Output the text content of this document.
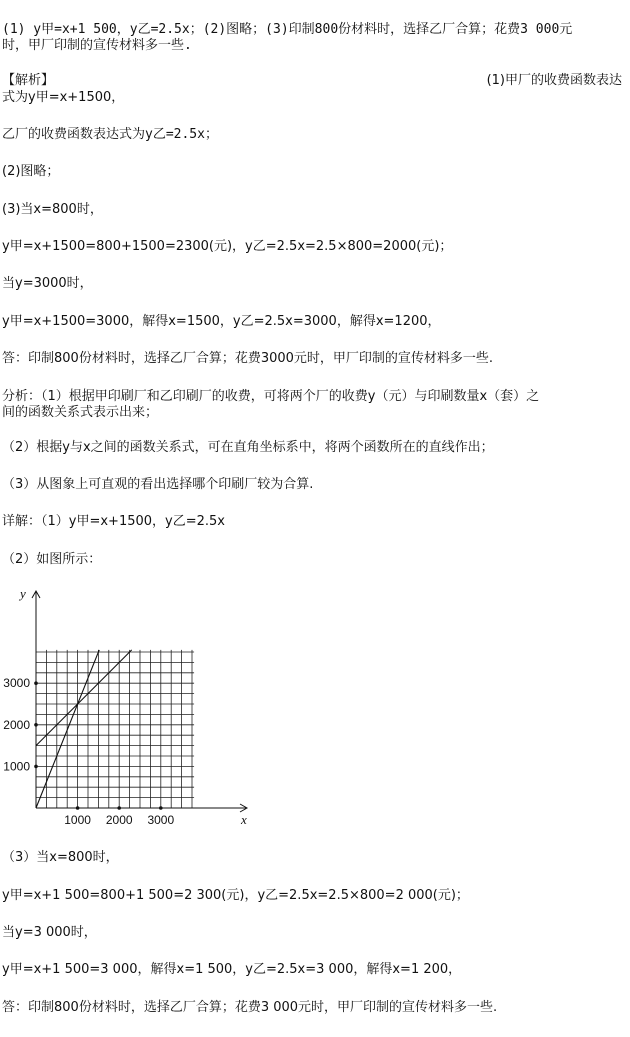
(1) y甲=x+1 500，y乙=2.5x；(2)图略；(3)印制800份材料时，选择乙厂合算；花费3 000元
时，甲厂印制的宣传材料多一些.
【解析】	(1)甲厂的收费函数表达
式为y甲=x+1500，
乙厂的收费函数表达式为y乙=2.5x；
(2)图略；
(3)当x=800时，
y甲=x+1500=800+1500=2300(元)，y乙=2.5x=2.5×800=2000(元)；
当y=3000时，
y甲=x+1500=3000，解得x=1500，y乙=2.5x=3000，解得x=1200，
答：印制800份材料时，选择乙厂合算；花费3000元时，甲厂印制的宣传材料多一些.
分析：（1）根据甲印刷厂和乙印刷厂的收费，可将两个厂的收费y（元）与印刷数量x（套）之
间的函数关系式表示出来；
（2）根据y与x之间的函数关系式，可在直角坐标系中，将两个函数所在的直线作出；
（3）从图象上可直观的看出选择哪个印刷厂较为合算.
详解：（1）y甲=x+1500，y乙=2.5x
（2）如图所示：
1000 2000 3000
1000
2000
3000
y
x
（3）当x=800时，
y甲=x+1 500=800+1 500=2 300(元)，y乙=2.5x=2.5×800=2 000(元)；
当y=3 000时，
y甲=x+1 500=3 000，解得x=1 500，y乙=2.5x=3 000，解得x=1 200，
答：印制800份材料时，选择乙厂合算；花费3 000元时，甲厂印制的宣传材料多一些.
